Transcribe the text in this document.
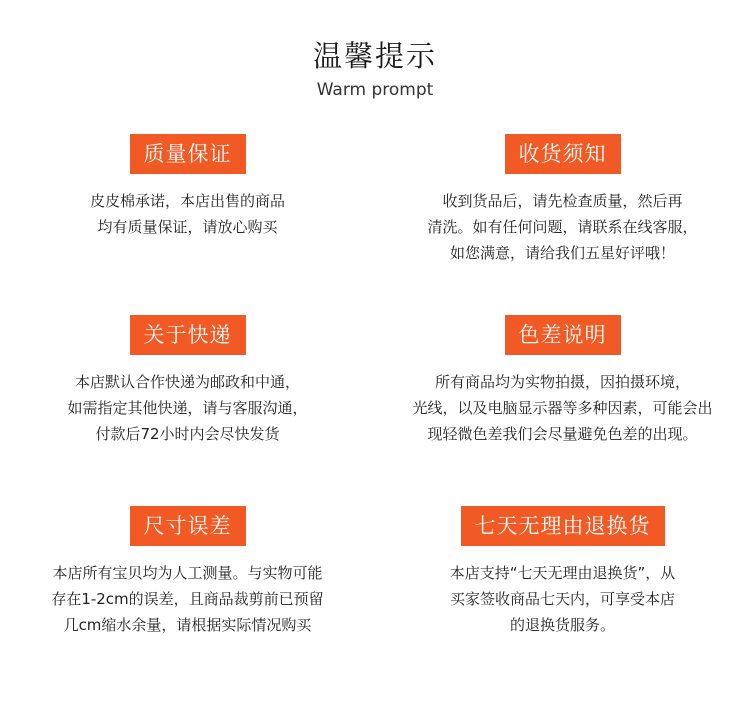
温馨提示
Warm prompt
质量保证
皮皮棉承诺，本店出售的商品
均有质量保证，请放心购买
收货须知
收到货品后，请先检查质量，然后再
清洗。如有任何问题，请联系在线客服，
如您满意，请给我们五星好评哦！
关于快递
本店默认合作快递为邮政和中通，
如需指定其他快递，请与客服沟通，
付款后72小时内会尽快发货
色差说明
所有商品均为实物拍摄，因拍摄环境，
光线，以及电脑显示器等多种因素，可能会出
现轻微色差我们会尽量避免色差的出现。
尺寸误差
本店所有宝贝均为人工测量。与实物可能
存在1-2cm的误差，且商品裁剪前已预留
几cm缩水余量，请根据实际情况购买
七天无理由退换货
本店支持“七天无理由退换货”，从
买家签收商品七天内，可享受本店
的退换货服务。
